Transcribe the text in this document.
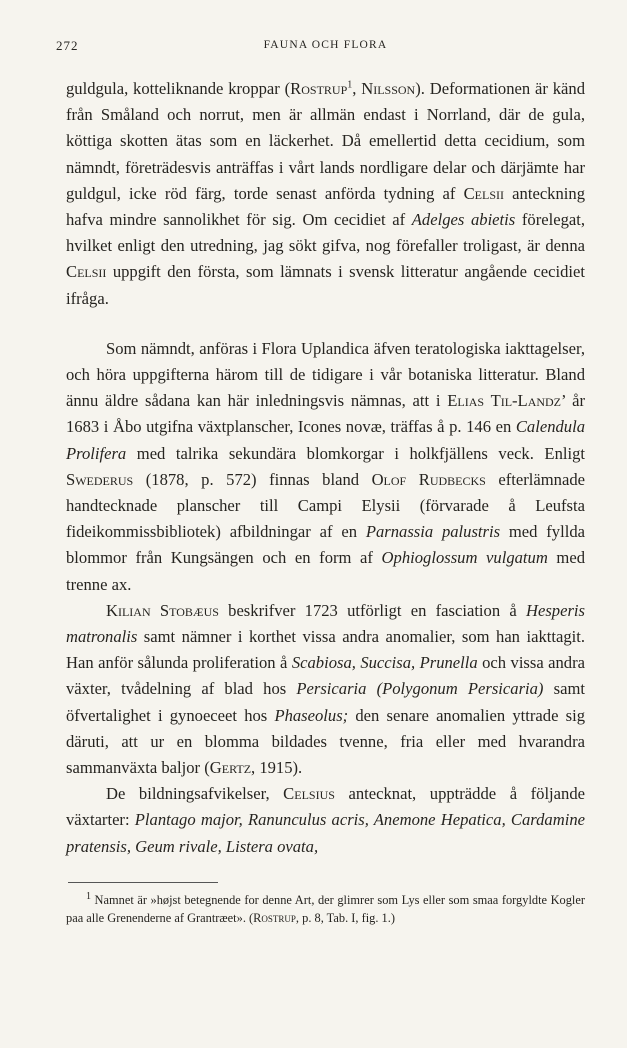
272	FAUNA OCH FLORA

guldgula, kotteliknande kroppar (Rostrup$^1$, Nilsson). Deformationen är känd från Småland och norrut, men är allmän endast i Norrland, där de gula, köttiga skotten ätas som en läckerhet. Då emellertid detta cecidium, som nämndt, företrädesvis anträffas i vårt lands nordligare delar och därjämte har guldgul, icke röd färg, torde senast anförda tydning af Celsii anteckning hafva mindre sannolikhet för sig. Om cecidiet af Adelges abietis förelegat, hvilket enligt den utredning, jag sökt gifva, nog förefaller troligast, är denna Celsii uppgift den första, som lämnats i svensk litteratur angående cecidiet ifråga.

Som nämndt, anföras i Flora Uplandica äfven teratologiska iakttagelser, och höra uppgifterna härom till de tidigare i vår botaniska litteratur. Bland ännu äldre sådana kan här inledningsvis nämnas, att i Elias Til-Landz’ år 1683 i Åbo utgifna växtplanscher, Icones novæ, träffas å p. 146 en Calendula Prolifera med talrika sekundära blomkorgar i holkfjällens veck. Enligt Swederus (1878, p. 572) finnas bland Olof Rudbecks efterlämnade handtecknade planscher till Campi Elysii (förvarade å Leufsta fideikommissbibliotek) afbildningar af en Parnassia palustris med fyllda blommor från Kungsängen och en form af Ophioglossum vulgatum med trenne ax.

Kilian Stobæus beskrifver 1723 utförligt en fasciation å Hesperis matronalis samt nämner i korthet vissa andra anomalier, som han iakttagit. Han anför sålunda proliferation å Scabiosa, Succisa, Prunella och vissa andra växter, tvådelning af blad hos Persicaria (Polygonum Persicaria) samt öfvertalighet i gynoeceet hos Phaseolus; den senare anomalien yttrade sig däruti, att ur en blomma bildades tvenne, fria eller med hvarandra sammanväxta baljor (Gertz, 1915).

De bildningsafvikelser, Celsius antecknat, uppträdde å följande växtarter: Plantago major, Ranunculus acris, Anemone Hepatica, Cardamine pratensis, Geum rivale, Listera ovata,

$^1$ Namnet är »højst betegnende for denne Art, der glimrer som Lys eller som smaa forgyldte Kogler paa alle Grenenderne af Grantræet». (Rostrup, p. 8, Tab. I, fig. 1.)
